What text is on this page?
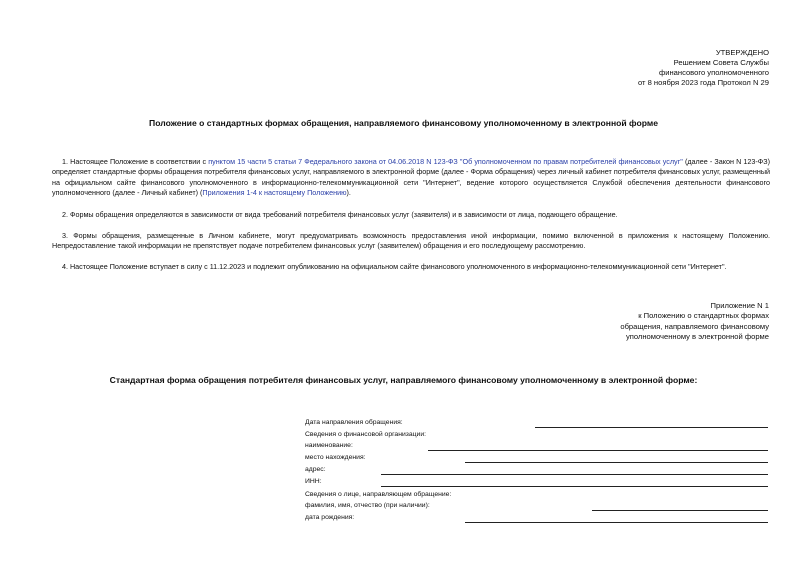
УТВЕРЖДЕНО
Решением Совета Службы
финансового уполномоченного
от 8 ноября 2023 года Протокол N 29
Положение о стандартных формах обращения, направляемого финансовому уполномоченному в электронной форме
1. Настоящее Положение в соответствии с пунктом 15 части 5 статьи 7 Федерального закона от 04.06.2018 N 123-ФЗ "Об уполномоченном по правам потребителей финансовых услуг" (далее - Закон N 123-ФЗ) определяет стандартные формы обращения потребителя финансовых услуг, направляемого в электронной форме (далее - Форма обращения) через личный кабинет потребителя финансовых услуг, размещенный на официальном сайте финансового уполномоченного в информационно-телекоммуникационной сети "Интернет", ведение которого осуществляется Службой обеспечения деятельности финансового уполномоченного (далее - Личный кабинет) (Приложения 1-4 к настоящему Положению).
2. Формы обращения определяются в зависимости от вида требований потребителя финансовых услуг (заявителя) и в зависимости от лица, подающего обращение.
3. Формы обращения, размещенные в Личном кабинете, могут предусматривать возможность предоставления иной информации, помимо включенной в приложения к настоящему Положению. Непредоставление такой информации не препятствует подаче потребителем финансовых услуг (заявителем) обращения и его последующему рассмотрению.
4. Настоящее Положение вступает в силу с 11.12.2023 и подлежит опубликованию на официальном сайте финансового уполномоченного в информационно-телекоммуникационной сети "Интернет".
Приложение N 1
к Положению о стандартных формах
обращения, направляемого финансовому
уполномоченному в электронной форме
Стандартная форма обращения потребителя финансовых услуг, направляемого финансовому уполномоченному в электронной форме:
Дата направления обращения:
Сведения о финансовой организации:
наименование:
место нахождения:
адрес:
ИНН:
Сведения о лице, направляющем обращение:
фамилия, имя, отчество (при наличии):
дата рождения:
